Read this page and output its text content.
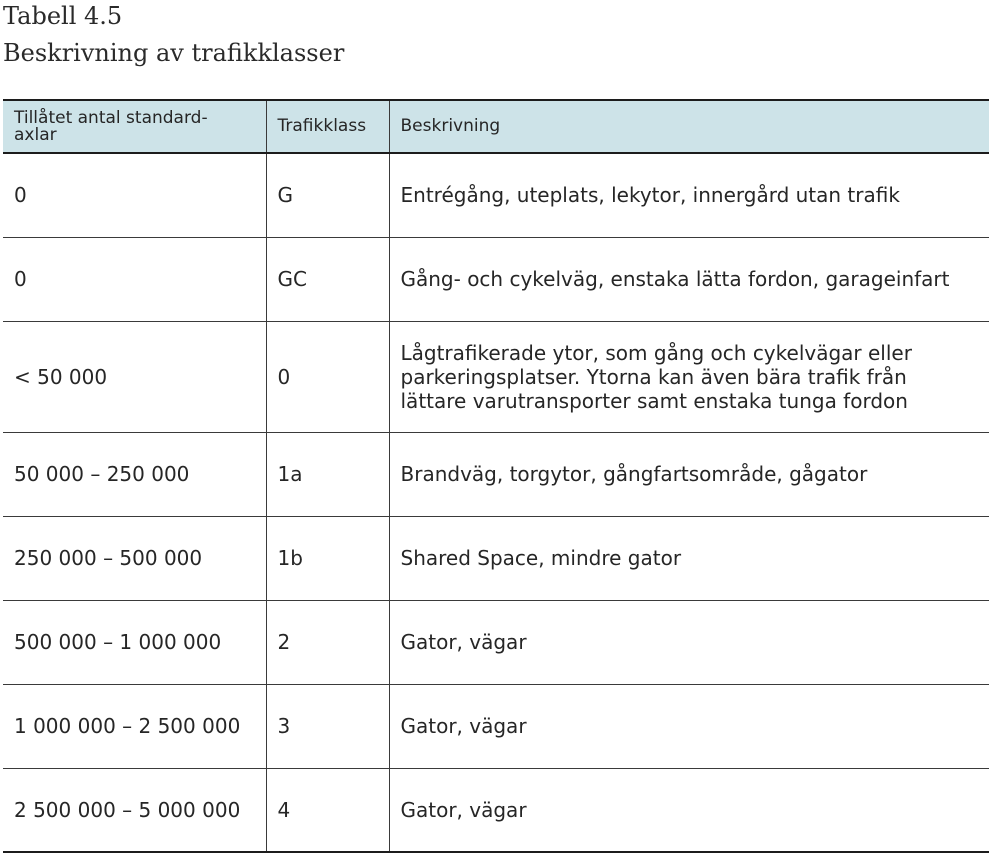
Tabell 4.5
Beskrivning av trafikklasser
Tillåtet antal standard-
axlar	Trafikklass	Beskrivning
0	G	Entrégång, uteplats, lekytor, innergård utan trafik
0	GC	Gång- och cykelväg, enstaka lätta fordon, garageinfart
< 50 000	0	Lågtrafikerade ytor, som gång och cykelvägar eller
parkeringsplatser. Ytorna kan även bära trafik från
lättare varutransporter samt enstaka tunga fordon
50 000 – 250 000	1a	Brandväg, torgytor, gångfartsområde, gågator
250 000 – 500 000	1b	Shared Space, mindre gator
500 000 – 1 000 000	2	Gator, vägar
1 000 000 – 2 500 000	3	Gator, vägar
2 500 000 – 5 000 000	4	Gator, vägar
